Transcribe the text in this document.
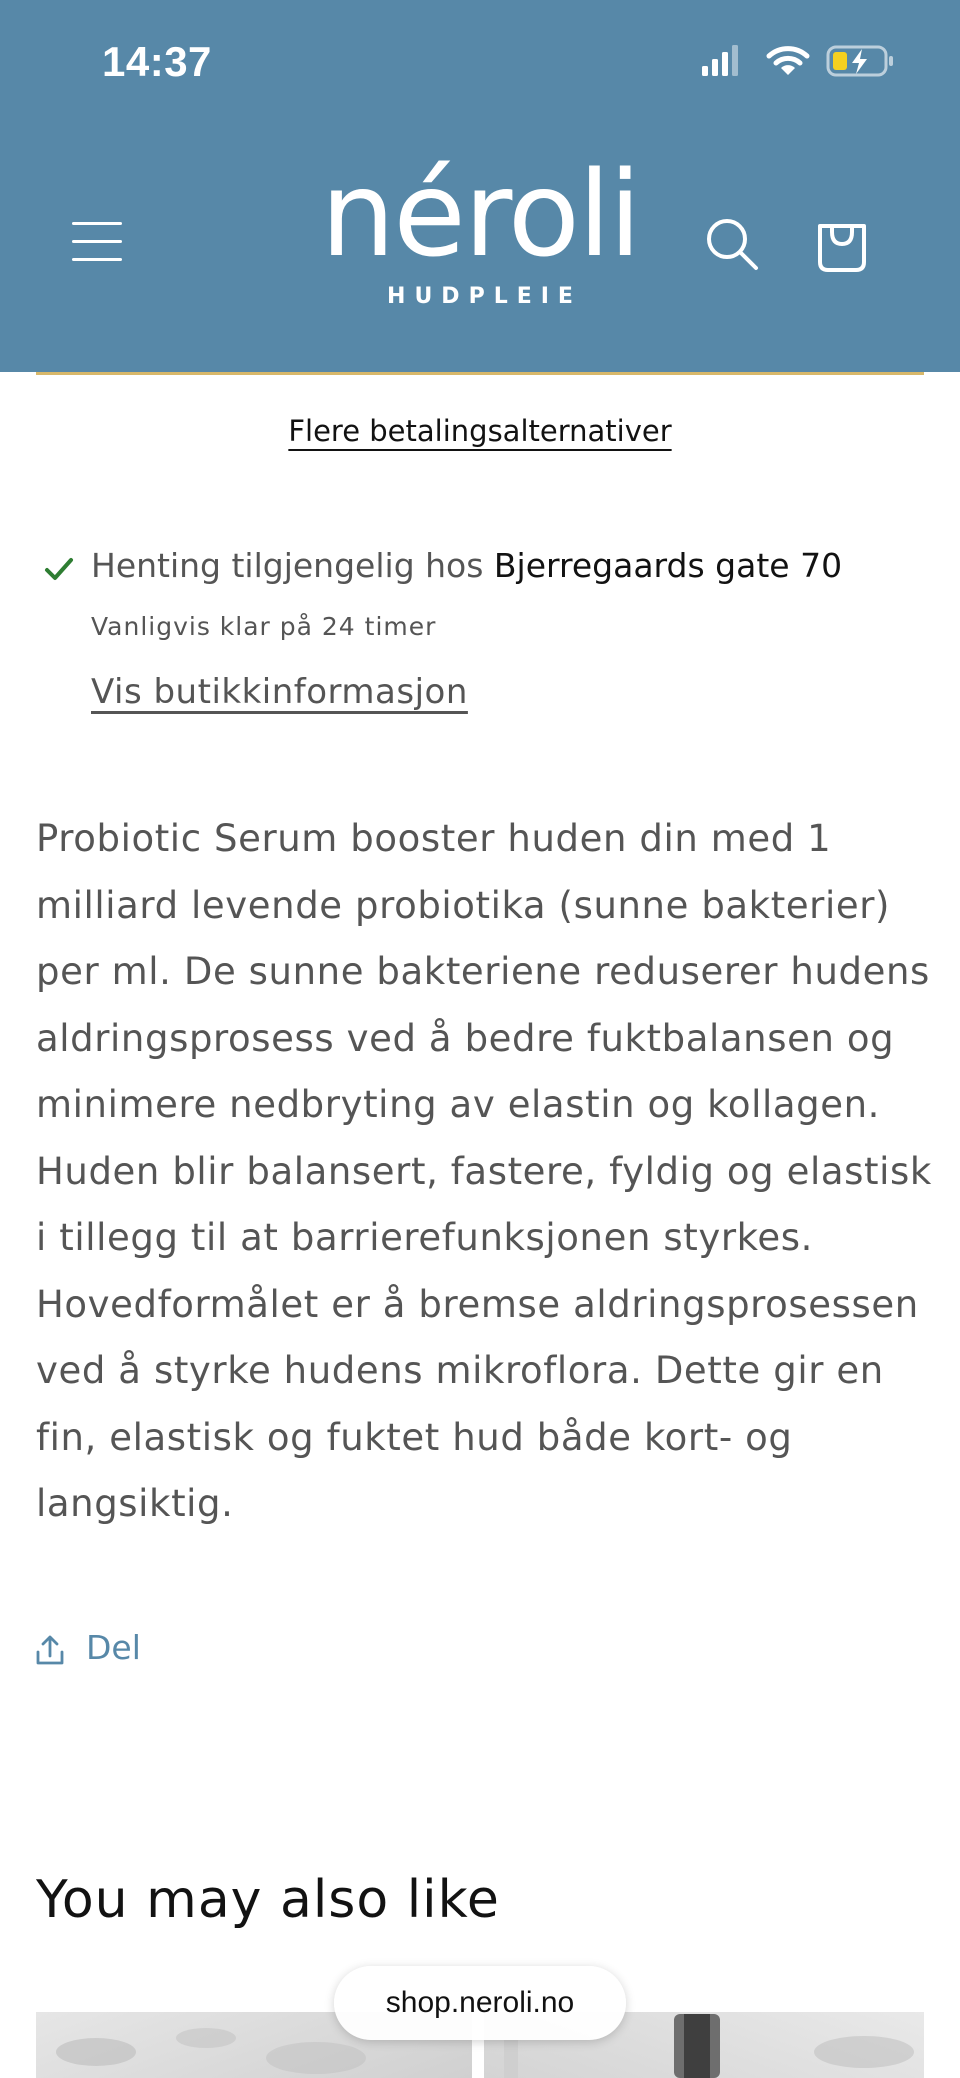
14:37
néroli
HUDPLEIE
Flere betalingsalternativer
Henting tilgjengelig hos Bjerregaards gate 70
Vanligvis klar på 24 timer
Vis butikkinformasjon

Probiotic Serum booster huden din med 1 milliard levende probiotika (sunne bakterier) per ml. De sunne bakteriene reduserer hudens aldringsprosess ved å bedre fuktbalansen og minimere nedbryting av elastin og kollagen. Huden blir balansert, fastere, fyldig og elastisk i tillegg til at barrierefunksjonen styrkes. Hovedformålet er å bremse aldringsprosessen ved å styrke hudens mikroflora. Dette gir en fin, elastisk og fuktet hud både kort- og langsiktig.

Del
You may also like
shop.neroli.no
